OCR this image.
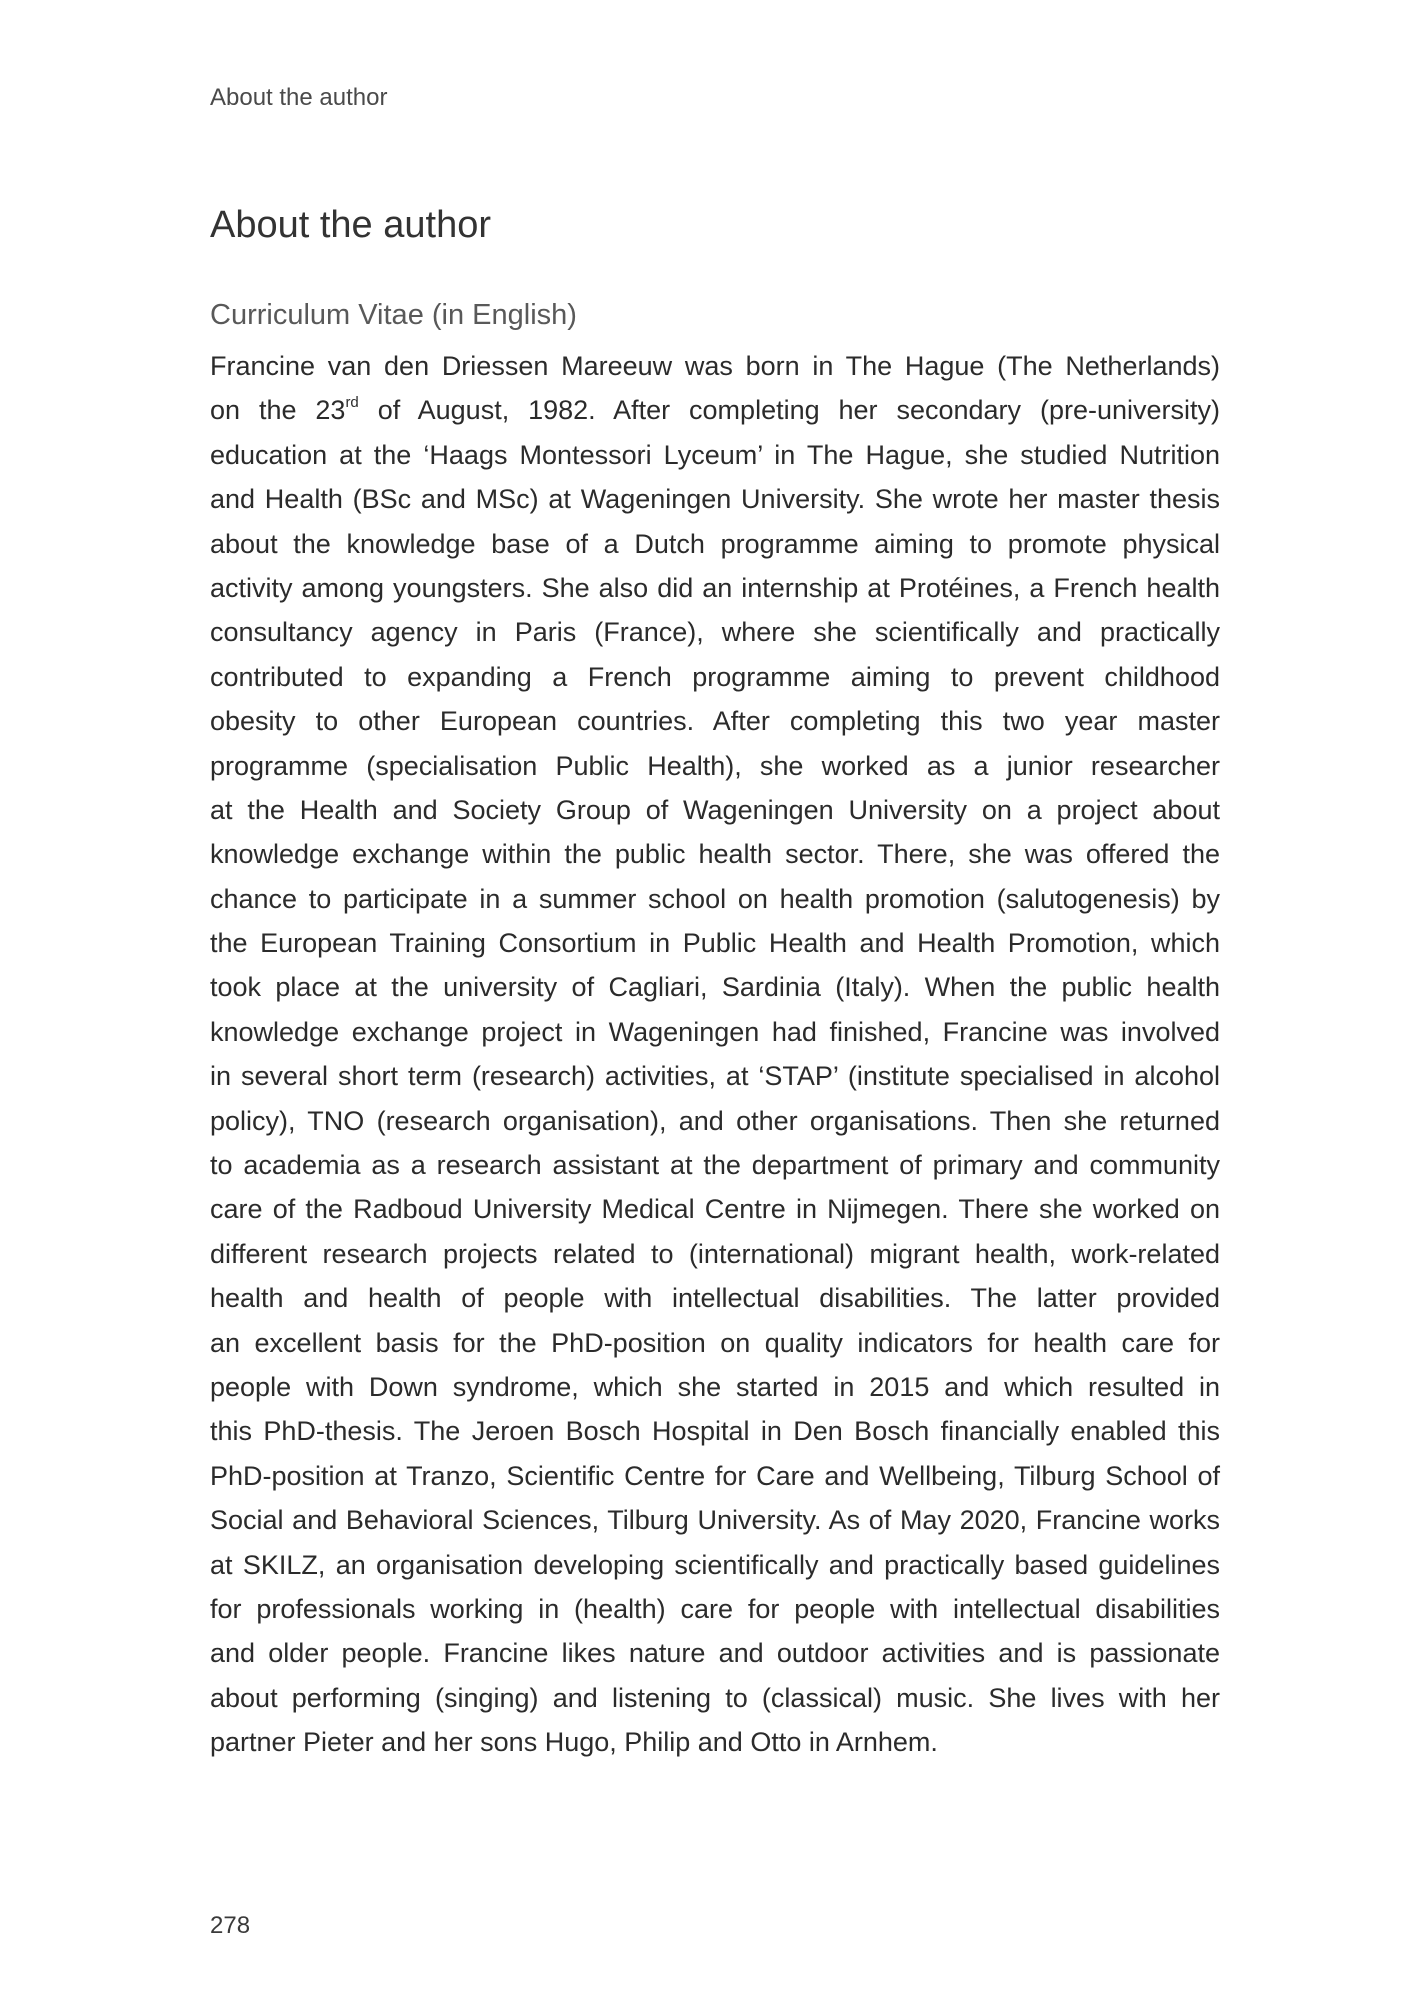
About the author
About the author
Curriculum Vitae (in English)
Francine van den Driessen Mareeuw was born in The Hague (The Netherlands)
on the 23rd of August, 1982. After completing her secondary (pre-university)
education at the ‘Haags Montessori Lyceum’ in The Hague, she studied Nutrition
and Health (BSc and MSc) at Wageningen University. She wrote her master thesis
about the knowledge base of a Dutch programme aiming to promote physical
activity among youngsters. She also did an internship at Protéines, a French health
consultancy agency in Paris (France), where she scientifically and practically
contributed to expanding a French programme aiming to prevent childhood
obesity to other European countries. After completing this two year master
programme (specialisation Public Health), she worked as a junior researcher
at the Health and Society Group of Wageningen University on a project about
knowledge exchange within the public health sector. There, she was offered the
chance to participate in a summer school on health promotion (salutogenesis) by
the European Training Consortium in Public Health and Health Promotion, which
took place at the university of Cagliari, Sardinia (Italy). When the public health
knowledge exchange project in Wageningen had finished, Francine was involved
in several short term (research) activities, at ‘STAP’ (institute specialised in alcohol
policy), TNO (research organisation), and other organisations. Then she returned
to academia as a research assistant at the department of primary and community
care of the Radboud University Medical Centre in Nijmegen. There she worked on
different research projects related to (international) migrant health, work-related
health and health of people with intellectual disabilities. The latter provided
an excellent basis for the PhD-position on quality indicators for health care for
people with Down syndrome, which she started in 2015 and which resulted in
this PhD-thesis. The Jeroen Bosch Hospital in Den Bosch financially enabled this
PhD-position at Tranzo, Scientific Centre for Care and Wellbeing, Tilburg School of
Social and Behavioral Sciences, Tilburg University. As of May 2020, Francine works
at SKILZ, an organisation developing scientifically and practically based guidelines
for professionals working in (health) care for people with intellectual disabilities
and older people. Francine likes nature and outdoor activities and is passionate
about performing (singing) and listening to (classical) music. She lives with her
partner Pieter and her sons Hugo, Philip and Otto in Arnhem.
278
